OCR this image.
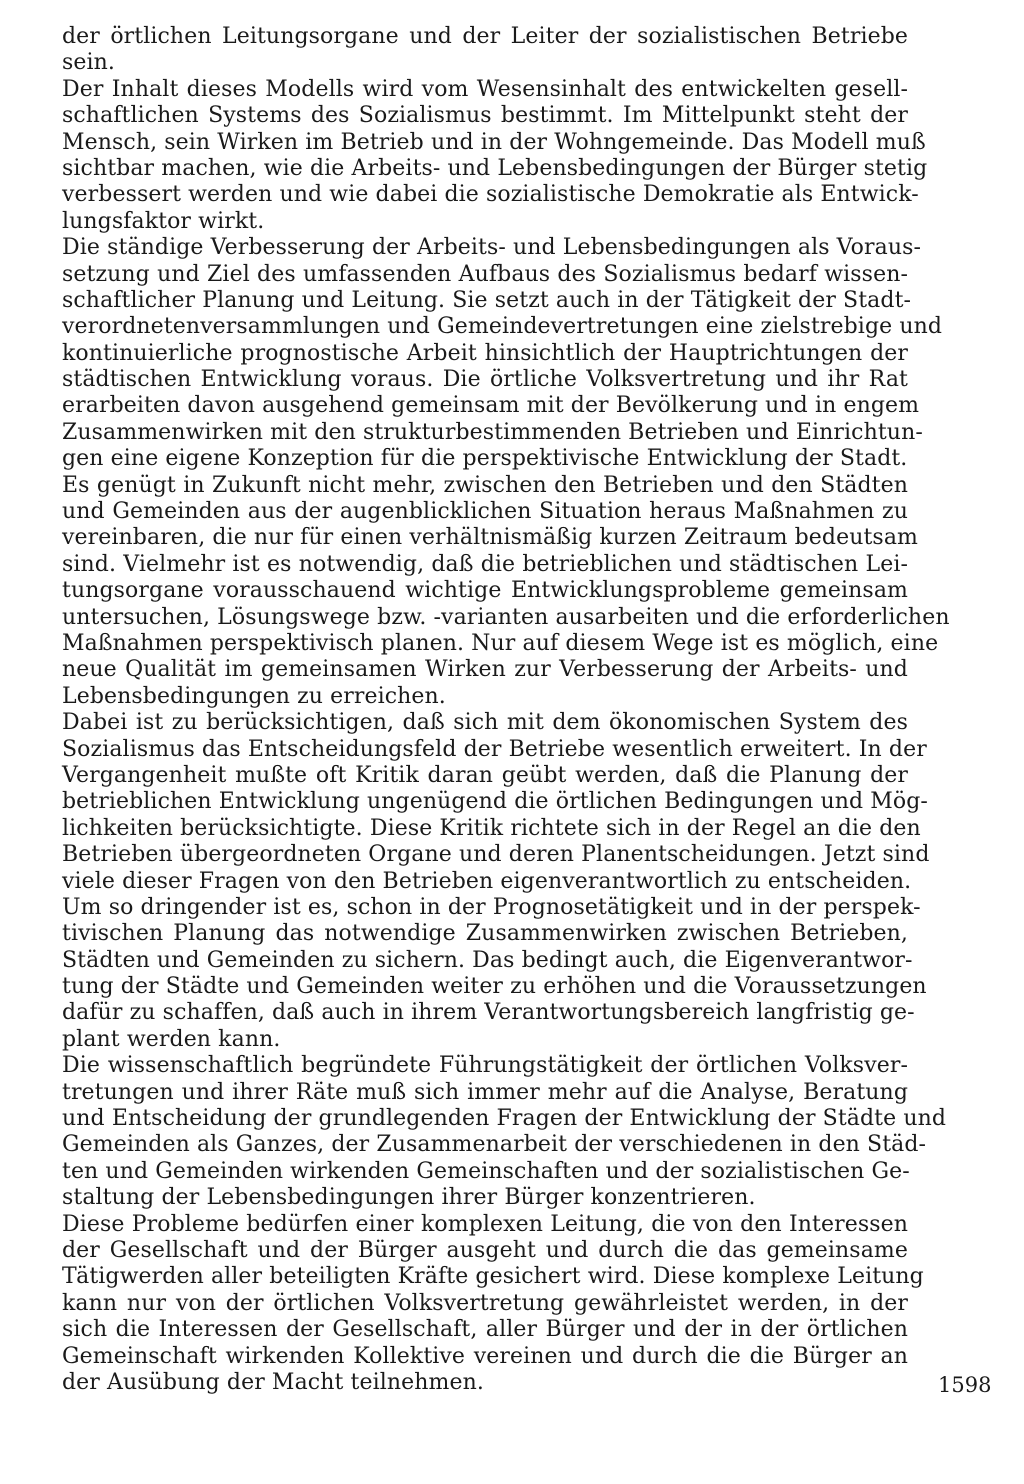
der örtlichen Leitungsorgane und der Leiter der sozialistischen Betriebe
sein.
Der Inhalt dieses Modells wird vom Wesensinhalt des entwickelten gesell-
schaftlichen Systems des Sozialismus bestimmt. Im Mittelpunkt steht der
Mensch, sein Wirken im Betrieb und in der Wohngemeinde. Das Modell muß
sichtbar machen, wie die Arbeits- und Lebensbedingungen der Bürger stetig
verbessert werden und wie dabei die sozialistische Demokratie als Entwick-
lungsfaktor wirkt.
Die ständige Verbesserung der Arbeits- und Lebensbedingungen als Voraus-
setzung und Ziel des umfassenden Aufbaus des Sozialismus bedarf wissen-
schaftlicher Planung und Leitung. Sie setzt auch in der Tätigkeit der Stadt-
verordnetenversammlungen und Gemeindevertretungen eine zielstrebige und
kontinuierliche prognostische Arbeit hinsichtlich der Hauptrichtungen der
städtischen Entwicklung voraus. Die örtliche Volksvertretung und ihr Rat
erarbeiten davon ausgehend gemeinsam mit der Bevölkerung und in engem
Zusammenwirken mit den strukturbestimmenden Betrieben und Einrichtun-
gen eine eigene Konzeption für die perspektivische Entwicklung der Stadt.
Es genügt in Zukunft nicht mehr, zwischen den Betrieben und den Städten
und Gemeinden aus der augenblicklichen Situation heraus Maßnahmen zu
vereinbaren, die nur für einen verhältnismäßig kurzen Zeitraum bedeutsam
sind. Vielmehr ist es notwendig, daß die betrieblichen und städtischen Lei-
tungsorgane vorausschauend wichtige Entwicklungsprobleme gemeinsam
untersuchen, Lösungswege bzw. -varianten ausarbeiten und die erforderlichen
Maßnahmen perspektivisch planen. Nur auf diesem Wege ist es möglich, eine
neue Qualität im gemeinsamen Wirken zur Verbesserung der Arbeits- und
Lebensbedingungen zu erreichen.
Dabei ist zu berücksichtigen, daß sich mit dem ökonomischen System des
Sozialismus das Entscheidungsfeld der Betriebe wesentlich erweitert. In der
Vergangenheit mußte oft Kritik daran geübt werden, daß die Planung der
betrieblichen Entwicklung ungenügend die örtlichen Bedingungen und Mög-
lichkeiten berücksichtigte. Diese Kritik richtete sich in der Regel an die den
Betrieben übergeordneten Organe und deren Planentscheidungen. Jetzt sind
viele dieser Fragen von den Betrieben eigenverantwortlich zu entscheiden.
Um so dringender ist es, schon in der Prognosetätigkeit und in der perspek-
tivischen Planung das notwendige Zusammenwirken zwischen Betrieben,
Städten und Gemeinden zu sichern. Das bedingt auch, die Eigenverantwor-
tung der Städte und Gemeinden weiter zu erhöhen und die Voraussetzungen
dafür zu schaffen, daß auch in ihrem Verantwortungsbereich langfristig ge-
plant werden kann.
Die wissenschaftlich begründete Führungstätigkeit der örtlichen Volksver-
tretungen und ihrer Räte muß sich immer mehr auf die Analyse, Beratung
und Entscheidung der grundlegenden Fragen der Entwicklung der Städte und
Gemeinden als Ganzes, der Zusammenarbeit der verschiedenen in den Städ-
ten und Gemeinden wirkenden Gemeinschaften und der sozialistischen Ge-
staltung der Lebensbedingungen ihrer Bürger konzentrieren.
Diese Probleme bedürfen einer komplexen Leitung, die von den Interessen
der Gesellschaft und der Bürger ausgeht und durch die das gemeinsame
Tätigwerden aller beteiligten Kräfte gesichert wird. Diese komplexe Leitung
kann nur von der örtlichen Volksvertretung gewährleistet werden, in der
sich die Interessen der Gesellschaft, aller Bürger und der in der örtlichen
Gemeinschaft wirkenden Kollektive vereinen und durch die die Bürger an
der Ausübung der Macht teilnehmen.	1598
